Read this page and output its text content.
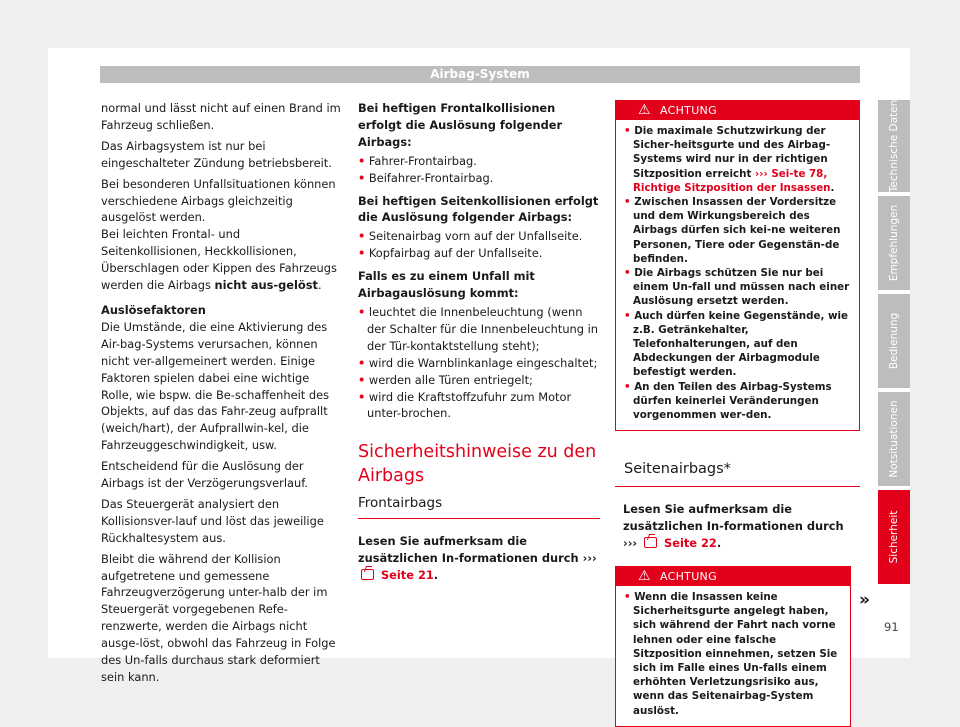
Airbag-System

normal und lässt nicht auf einen Brand im Fahrzeug schließen.

Das Airbagsystem ist nur bei eingeschalteter Zündung betriebsbereit.

Bei besonderen Unfallsituationen können verschiedene Airbags gleichzeitig ausgelöst werden.
Bei leichten Frontal- und Seitenkollisionen, Heckkollisionen, Überschlagen oder Kippen des Fahrzeugs werden die Airbags nicht aus-gelöst.

Auslösefaktoren

Die Umstände, die eine Aktivierung des Air-bag-Systems verursachen, können nicht ver-allgemeinert werden. Einige Faktoren spielen dabei eine wichtige Rolle, wie bspw. die Be-schaffenheit des Objekts, auf das das Fahr-zeug aufprallt (weich/hart), der Aufprallwin-kel, die Fahrzeuggeschwindigkeit, usw.

Entscheidend für die Auslösung der Airbags ist der Verzögerungsverlauf.

Das Steuergerät analysiert den Kollisionsver-lauf und löst das jeweilige Rückhaltesystem aus.

Bleibt die während der Kollision aufgetretene und gemessene Fahrzeugverzögerung unter-halb der im Steuergerät vorgegebenen Refe-renzwerte, werden die Airbags nicht ausge-löst, obwohl das Fahrzeug in Folge des Un-falls durchaus stark deformiert sein kann.

Bei heftigen Frontalkollisionen erfolgt die Auslösung folgender Airbags:

• Fahrer-Frontairbag.
• Beifahrer-Frontairbag.

Bei heftigen Seitenkollisionen erfolgt die Auslösung folgender Airbags:

• Seitenairbag vorn auf der Unfallseite.
• Kopfairbag auf der Unfallseite.

Falls es zu einem Unfall mit Airbagauslösung kommt:

• leuchtet die Innenbeleuchtung (wenn der Schalter für die Innenbeleuchtung in der Tür-kontaktstellung steht);
• wird die Warnblinkanlage eingeschaltet;
• werden alle Türen entriegelt;
• wird die Kraftstoffzufuhr zum Motor unter-brochen.
Sicherheitshinweise zu den Airbags
Frontairbags

Lesen Sie aufmerksam die zusätzlichen In-formationen durch ›››  Seite 21.

⚠ ACHTUNG
• Die maximale Schutzwirkung der Sicher-heitsgurte und des Airbag-Systems wird nur in der richtigen Sitzposition erreicht ››› Sei-te 78, Richtige Sitzposition der Insassen.
• Zwischen Insassen der Vordersitze und dem Wirkungsbereich des Airbags dürfen sich kei-ne weiteren Personen, Tiere oder Gegenstän-de befinden.
• Die Airbags schützen Sie nur bei einem Un-fall und müssen nach einer Auslösung ersetzt werden.
• Auch dürfen keine Gegenstände, wie z.B. Getränkehalter, Telefonhalterungen, auf den Abdeckungen der Airbagmodule befestigt werden.
• An den Teilen des Airbag-Systems dürfen keinerlei Veränderungen vorgenommen wer-den.
Seitenairbags*

Lesen Sie aufmerksam die zusätzlichen In-formationen durch ››› Seite 22.

⚠ ACHTUNG
• Wenn die Insassen keine Sicherheitsgurte angelegt haben, sich während der Fahrt nach vorne lehnen oder eine falsche Sitzposition einnehmen, setzen Sie sich im Falle eines Un-falls einem erhöhten Verletzungsrisiko aus, wenn das Seitenairbag-System auslöst.
»
91
Technische Daten
Empfehlungen
Bedienung
Notsituationen
Sicherheit
